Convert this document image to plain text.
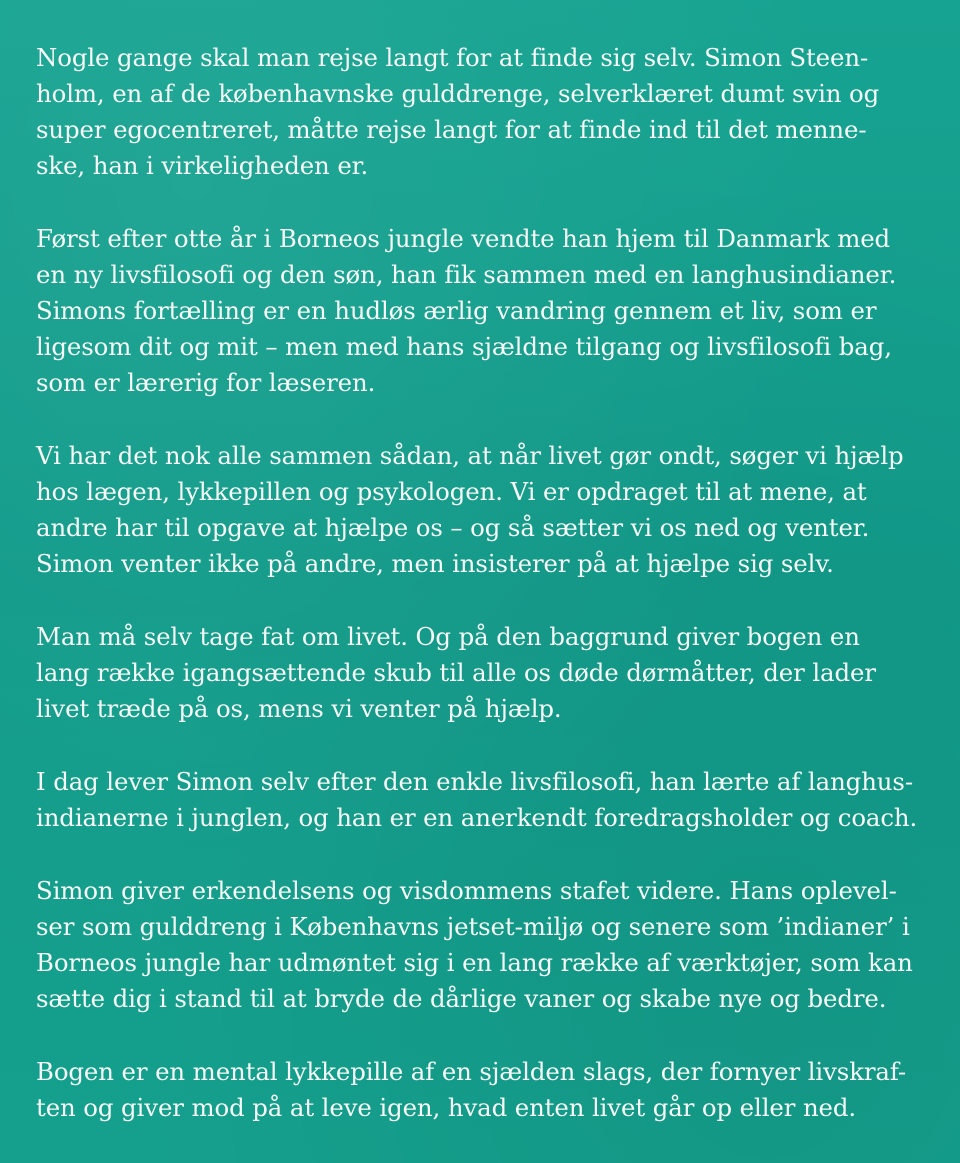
Nogle gange skal man rejse langt for at finde sig selv. Simon Steen-
holm, en af de københavnske gulddrenge, selverklæret dumt svin og
super egocentreret, måtte rejse langt for at finde ind til det menne-
ske, han i virkeligheden er.
Først efter otte år i Borneos jungle vendte han hjem til Danmark med
en ny livsfilosofi og den søn, han fik sammen med en langhusindianer.
Simons fortælling er en hudløs ærlig vandring gennem et liv, som er
ligesom dit og mit – men med hans sjældne tilgang og livsfilosofi bag,
som er lærerig for læseren.
Vi har det nok alle sammen sådan, at når livet gør ondt, søger vi hjælp
hos lægen, lykkepillen og psykologen. Vi er opdraget til at mene, at
andre har til opgave at hjælpe os – og så sætter vi os ned og venter.
Simon venter ikke på andre, men insisterer på at hjælpe sig selv.
Man må selv tage fat om livet. Og på den baggrund giver bogen en
lang række igangsættende skub til alle os døde dørmåtter, der lader
livet træde på os, mens vi venter på hjælp.
I dag lever Simon selv efter den enkle livsfilosofi, han lærte af langhus-
indianerne i junglen, og han er en anerkendt foredragsholder og coach.
Simon giver erkendelsens og visdommens stafet videre. Hans oplevel-
ser som gulddreng i Københavns jetset-miljø og senere som ’indianer’ i
Borneos jungle har udmøntet sig i en lang række af værktøjer, som kan
sætte dig i stand til at bryde de dårlige vaner og skabe nye og bedre.
Bogen er en mental lykkepille af en sjælden slags, der fornyer livskraf-
ten og giver mod på at leve igen, hvad enten livet går op eller ned.
